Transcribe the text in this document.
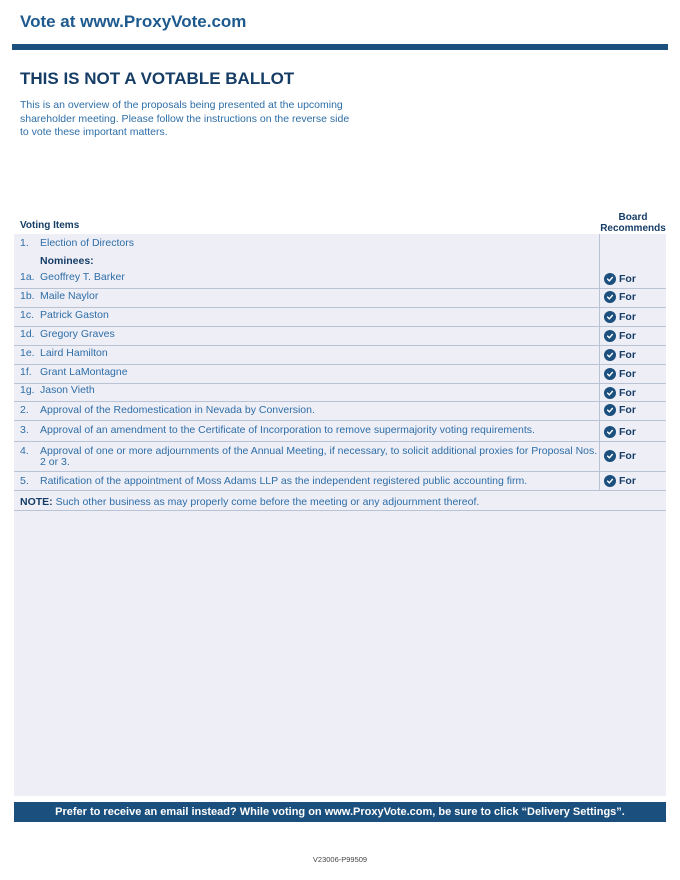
Vote at www.ProxyVote.com
THIS IS NOT A VOTABLE BALLOT
This is an overview of the proposals being presented at the upcoming shareholder meeting. Please follow the instructions on the reverse side to vote these important matters.
Voting Items
Board
Recommends
1.	Election of Directors
Nominees:
1a. Geoffrey T. Barker	For
1b. Maile Naylor	For
1c. Patrick Gaston	For
1d. Gregory Graves	For
1e. Laird Hamilton	For
1f. Grant LaMontagne	For
1g. Jason Vieth	For
2.	Approval of the Redomestication in Nevada by Conversion.	For
3.	Approval of an amendment to the Certificate of Incorporation to remove supermajority voting requirements.	For
4.	Approval of one or more adjournments of the Annual Meeting, if necessary, to solicit additional proxies for Proposal Nos. 2 or 3.	For
5.	Ratification of the appointment of Moss Adams LLP as the independent registered public accounting firm.	For
NOTE: Such other business as may properly come before the meeting or any adjournment thereof.
Prefer to receive an email instead? While voting on www.ProxyVote.com, be sure to click “Delivery Settings”.
V23006-P99509
